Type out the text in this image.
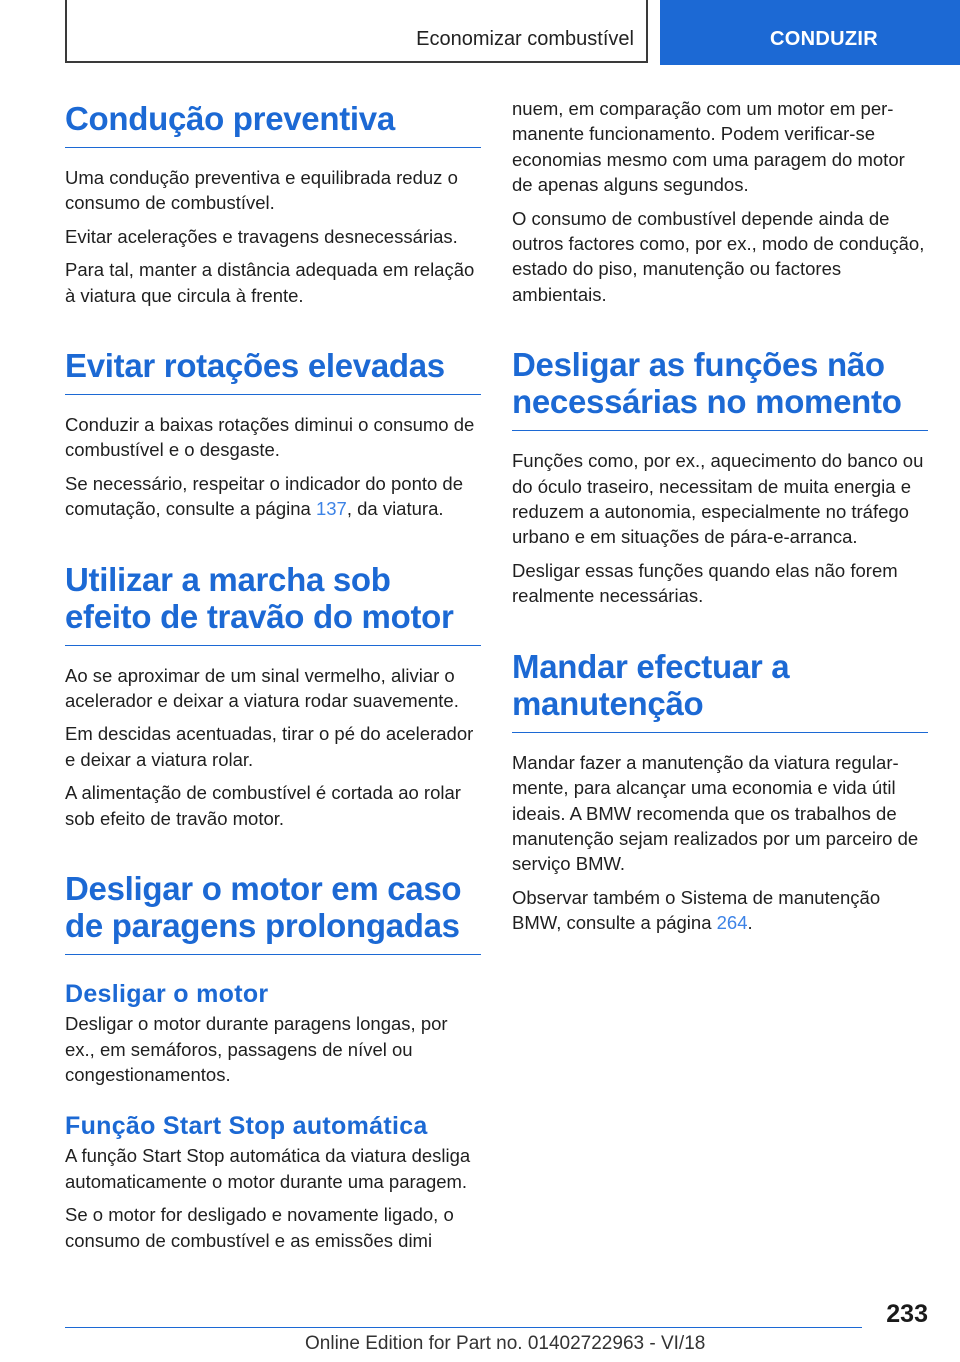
Economizar combustível	CONDUZIR
Condução preventiva

Uma condução preventiva e equilibrada reduz o consumo de combustível.

Evitar acelerações e travagens desnecessárias.

Para tal, manter a distância adequada em relação à viatura que circula à frente.

Evitar rotações elevadas

Conduzir a baixas rotações diminui o consumo de combustível e o desgaste.

Se necessário, respeitar o indicador do ponto de comutação, consulte a página 137, da viatura.

Utilizar a marcha sob efeito de travão do motor

Ao se aproximar de um sinal vermelho, aliviar o acelerador e deixar a viatura rodar suavemente.

Em descidas acentuadas, tirar o pé do acelerador e deixar a viatura rolar.

A alimentação de combustível é cortada ao rolar sob efeito de travão motor.

Desligar o motor em caso de paragens prolongadas
Desligar o motor

Desligar o motor durante paragens longas, por ex., em semáforos, passagens de nível ou congestionamentos.

Função Start Stop automática

A função Start Stop automática da viatura desliga automaticamente o motor durante uma paragem.

Se o motor for desligado e novamente ligado, o consumo de combustível e as emissões dimi

nuem, em comparação com um motor em permanente funcionamento. Podem verificar-se economias mesmo com uma paragem do motor de apenas alguns segundos.

O consumo de combustível depende ainda de outros factores como, por ex., modo de condução, estado do piso, manutenção ou factores ambientais.

Desligar as funções não necessárias no momento

Funções como, por ex., aquecimento do banco ou do óculo traseiro, necessitam de muita energia e reduzem a autonomia, especialmente no tráfego urbano e em situações de pára-e-arranca.

Desligar essas funções quando elas não forem realmente necessárias.

Mandar efectuar a manutenção

Mandar fazer a manutenção da viatura regularmente, para alcançar uma economia e vida útil ideais. A BMW recomenda que os trabalhos de manutenção sejam realizados por um parceiro de serviço BMW.

Observar também o Sistema de manutenção BMW, consulte a página 264.

233
Online Edition for Part no. 01402722963 - VI/18
